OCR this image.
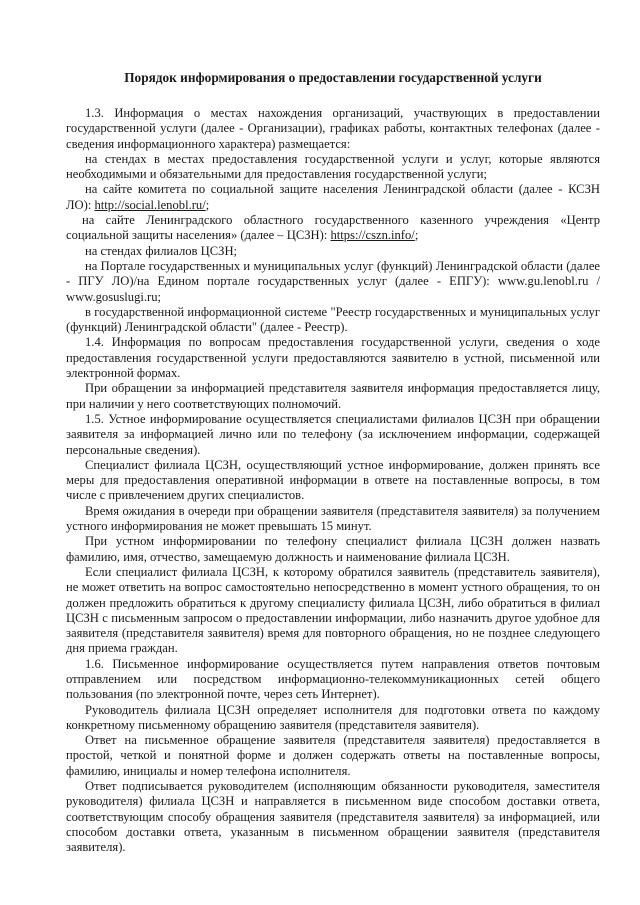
Порядок информирования о предоставлении государственной услуги

1.3. Информация о местах нахождения организаций, участвующих в предоставлении государственной услуги (далее - Организации), графиках работы, контактных телефонах (далее - сведения информационного характера) размещается:

на стендах в местах предоставления государственной услуги и услуг, которые являются необходимыми и обязательными для предоставления государственной услуги;

на сайте комитета по социальной защите населения Ленинградской области (далее - КСЗН ЛО): http://social.lenobl.ru/;

на сайте Ленинградского областного государственного казенного учреждения «Центр социальной защиты населения» (далее – ЦСЗН): https://cszn.info/;

на стендах филиалов ЦСЗН;

на Портале государственных и муниципальных услуг (функций) Ленинградской области (далее - ПГУ ЛО)/на Едином портале государственных услуг (далее - ЕПГУ): www.gu.lenobl.ru / www.gosuslugi.ru;

в государственной информационной системе "Реестр государственных и муниципальных услуг (функций) Ленинградской области" (далее - Реестр).

1.4. Информация по вопросам предоставления государственной услуги, сведения о ходе предоставления государственной услуги предоставляются заявителю в устной, письменной или электронной формах.

При обращении за информацией представителя заявителя информация предоставляется лицу, при наличии у него соответствующих полномочий.

1.5. Устное информирование осуществляется специалистами филиалов ЦСЗН при обращении заявителя за информацией лично или по телефону (за исключением информации, содержащей персональные сведения).

Специалист филиала ЦСЗН, осуществляющий устное информирование, должен принять все меры для предоставления оперативной информации в ответе на поставленные вопросы, в том числе с привлечением других специалистов.

Время ожидания в очереди при обращении заявителя (представителя заявителя) за получением устного информирования не может превышать 15 минут.

При устном информировании по телефону специалист филиала ЦСЗН должен назвать фамилию, имя, отчество, замещаемую должность и наименование филиала ЦСЗН.

Если специалист филиала ЦСЗН, к которому обратился заявитель (представитель заявителя), не может ответить на вопрос самостоятельно непосредственно в момент устного обращения, то он должен предложить обратиться к другому специалисту филиала ЦСЗН, либо обратиться в филиал ЦСЗН с письменным запросом о предоставлении информации, либо назначить другое удобное для заявителя (представителя заявителя) время для повторного обращения, но не позднее следующего дня приема граждан.

1.6. Письменное информирование осуществляется путем направления ответов почтовым отправлением или посредством информационно-телекоммуникационных сетей общего пользования (по электронной почте, через сеть Интернет).

Руководитель филиала ЦСЗН определяет исполнителя для подготовки ответа по каждому конкретному письменному обращению заявителя (представителя заявителя).

Ответ на письменное обращение заявителя (представителя заявителя) предоставляется в простой, четкой и понятной форме и должен содержать ответы на поставленные вопросы, фамилию, инициалы и номер телефона исполнителя.

Ответ подписывается руководителем (исполняющим обязанности руководителя, заместителя руководителя) филиала ЦСЗН и направляется в письменном виде способом доставки ответа, соответствующим способу обращения заявителя (представителя заявителя) за информацией, или способом доставки ответа, указанным в письменном обращении заявителя (представителя заявителя).
